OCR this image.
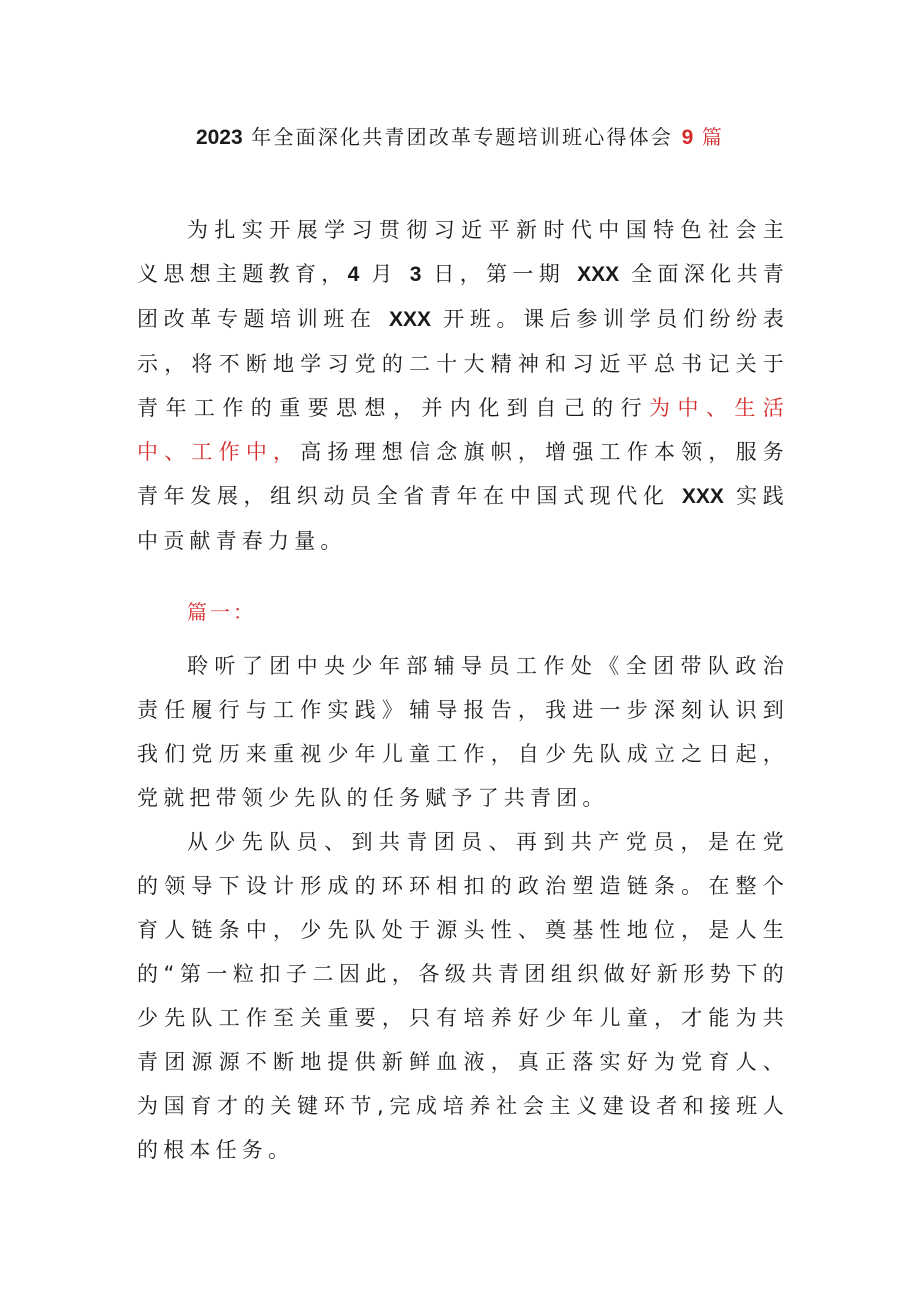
2023 年全面深化共青团改革专题培训班心得体会 9 篇

为扎实开展学习贯彻习近平新时代中国特色社会主义思想主题教育，4 月 3 日，第一期 XXX 全面深化共青团改革专题培训班在 XXX 开班。课后参训学员们纷纷表示，将不断地学习党的二十大精神和习近平总书记关于青年工作的重要思想，并内化到自己的行为中、生活中、工作中，高扬理想信念旗帜，增强工作本领，服务青年发展，组织动员全省青年在中国式现代化 XXX 实践中贡献青春力量。

篇一：

聆听了团中央少年部辅导员工作处《全团带队政治责任履行与工作实践》辅导报告，我进一步深刻认识到我们党历来重视少年儿童工作，自少先队成立之日起，党就把带领少先队的任务赋予了共青团。

从少先队员、到共青团员、再到共产党员，是在党的领导下设计形成的环环相扣的政治塑造链条。在整个育人链条中，少先队处于源头性、奠基性地位，是人生的“第一粒扣子二因此，各级共青团组织做好新形势下的少先队工作至关重要，只有培养好少年儿童，才能为共青团源源不断地提供新鲜血液，真正落实好为党育人、为国育才的关键环节,完成培养社会主义建设者和接班人的根本任务。
